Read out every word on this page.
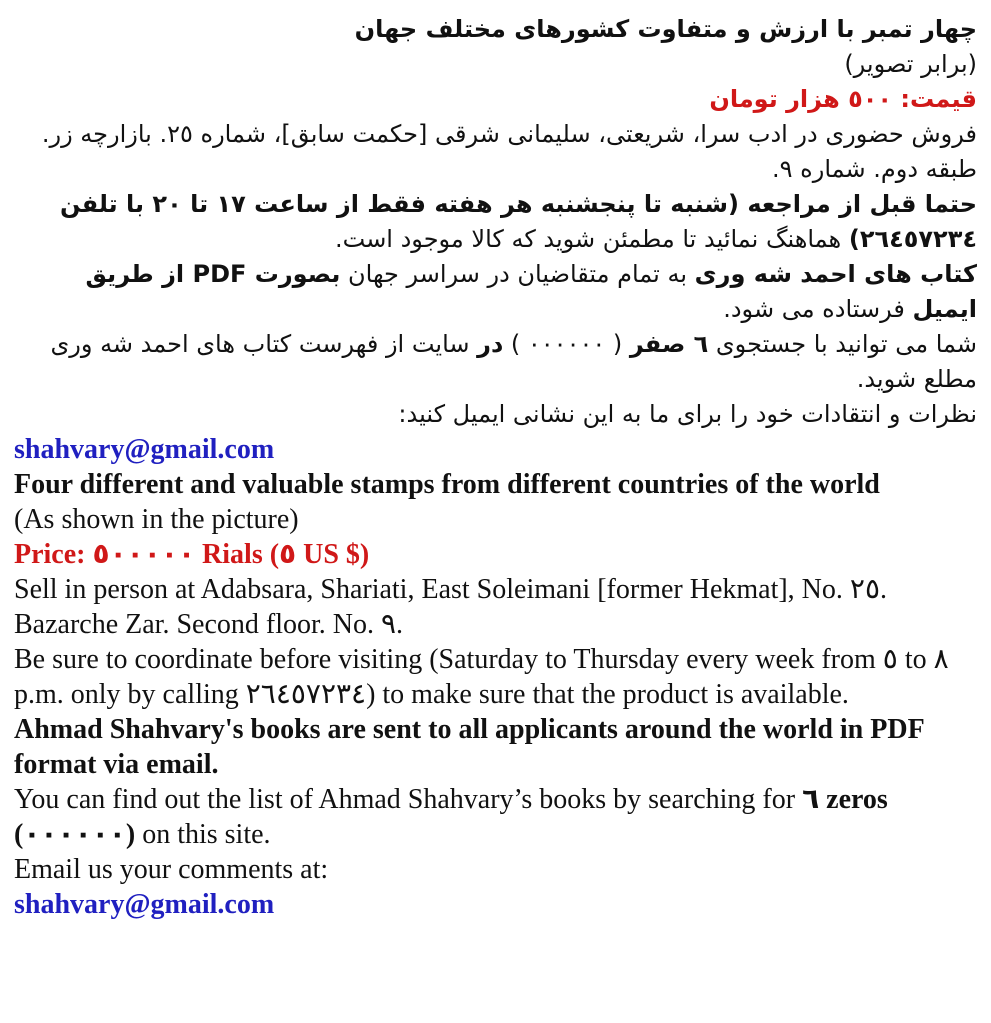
چهار تمبر با ارزش و متفاوت کشورهای مختلف جهان

(برابر تصویر)

قیمت: ٥٠٠ هزار تومان

فروش حضوری در ادب سرا، شریعتی، سلیمانی شرقی [حکمت سابق]، شماره ٢٥. بازارچه زر. طبقه دوم. شماره ٩.

حتما قبل از مراجعه (شنبه تا پنجشنبه هر هفته فقط از ساعت ١٧ تا ٢٠ با تلفن ٢٦٤٥٧٢٣٤) هماهنگ نمائید تا مطمئن شوید که کالا موجود است.

کتاب های احمد شه وری به تمام متقاضیان در سراسر جهان بصورت PDF از طریق ایمیل فرستاده می شود.

شما می توانید با جستجوی ٦ صفر ( ٠٠٠٠٠٠ ) در سایت از فهرست کتاب های احمد شه وری مطلع شوید.

نظرات و انتقادات خود را برای ما به این نشانی ایمیل کنید:

shahvary@gmail.com

Four different and valuable stamps from different countries of the world

(As shown in the picture)

Price: ٥٠٠٠٠٠ Rials (٥ US $)

Sell in person at Adabsara, Shariati, East Soleimani [former Hekmat], No. ٢٥. Bazarche Zar. Second floor. No. ٩.

Be sure to coordinate before visiting (Saturday to Thursday every week from ٥ to ٨ p.m. only by calling ٢٦٤٥٧٢٣٤) to make sure that the product is available.

Ahmad Shahvary's books are sent to all applicants around the world in PDF format via email.

You can find out the list of Ahmad Shahvary’s books by searching for ٦ zeros (٠٠٠٠٠٠) on this site.

Email us your comments at:

shahvary@gmail.com
